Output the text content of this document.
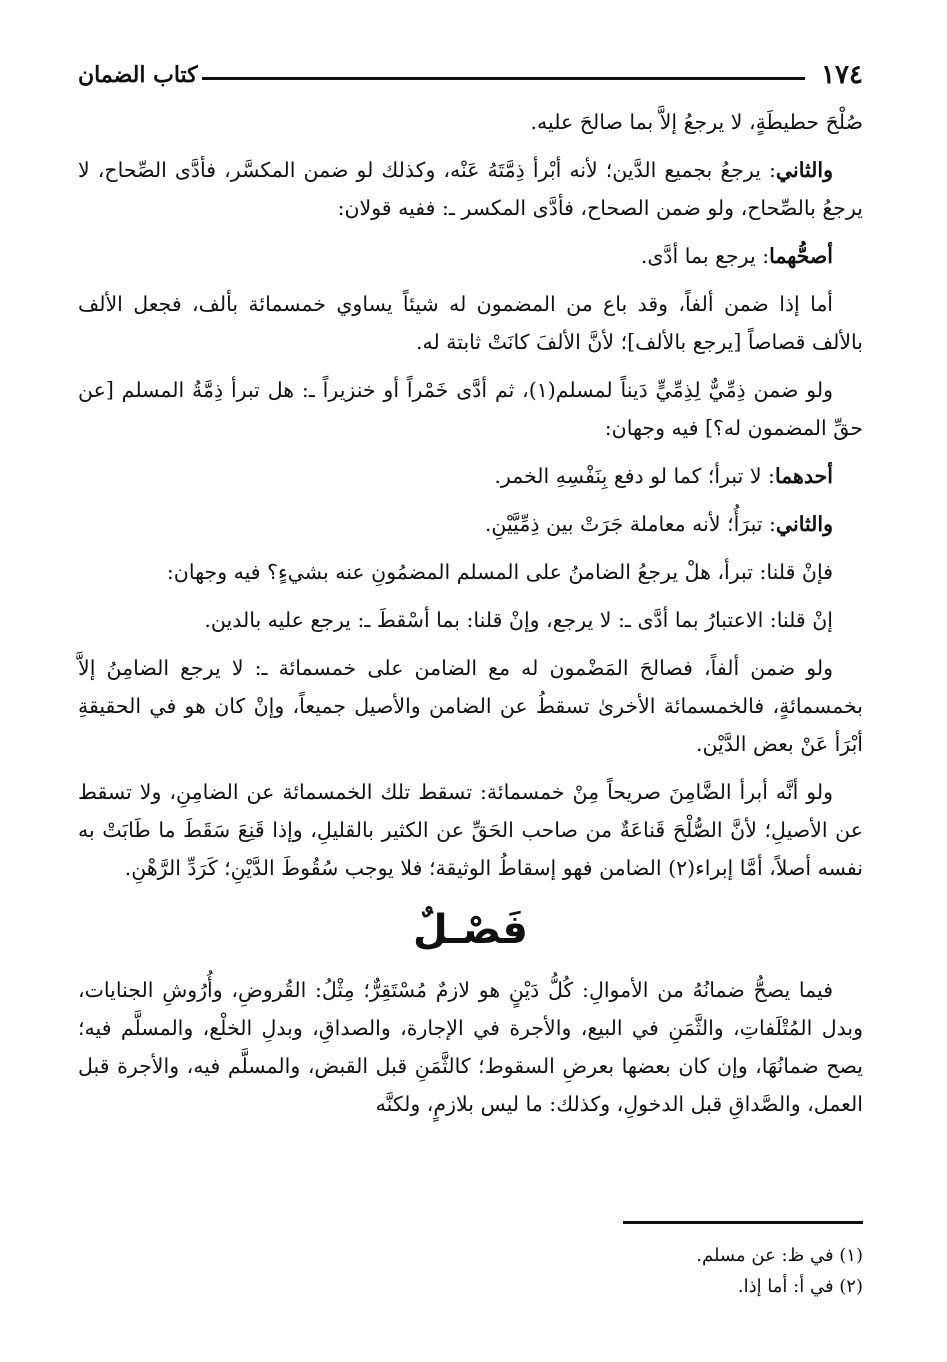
١٧٤
كتاب الضمان

صُلْحَ حطيطَةٍ، لا يرجعُ إلاَّ بما صالحَ عليه.

والثاني: يرجعُ بجميع الدَّين؛ لأنه أبْرأ ذِمَّتَهُ عَنْه، وكذلك لو ضمن المكسَّر، فأدَّى الصِّحاح، لا يرجعُ بالصِّحاح، ولو ضمن الصحاح، فأدَّى المكسر ـ: ففيه قولان:

أصحُّهما: يرجع بما أدَّى.

أما إذا ضمن ألفاً، وقد باع من المضمون له شيئاً يساوي خمسمائة بألف، فجعل الألف بالألف قصاصاً [يرجع بالألف]؛ لأنَّ الألفَ كانَتْ ثابتة له.

ولو ضمن ذِمِّيٌّ لِذِمِّيٍّ دَيناً لمسلم(١)، ثم أدَّى خَمْراً أو خنزيراً ـ: هل تبرأ ذِمَّةُ المسلم [عن حقِّ المضمون له؟] فيه وجهان:

أحدهما: لا تبرأ؛ كما لو دفع بِنَفْسِهِ الخمر.

والثاني: تبرَأُ؛ لأنه معاملة جَرَتْ بين ذِمِّيَّيْنِ.

فإنْ قلنا: تبرأ، هلْ يرجعُ الضامنُ على المسلم المضمُونِ عنه بشيءٍ؟ فيه وجهان:

إنْ قلنا: الاعتبارُ بما أدَّى ـ: لا يرجع، وإنْ قلنا: بما أسْقطَ ـ: يرجع عليه بالدين.

ولو ضمن ألفاً، فصالحَ المَضْمون له مع الضامن على خمسمائة ـ: لا يرجع الضامِنُ إلاَّ بخمسمائةٍ، فالخمسمائة الأخرىٰ تسقطُ عن الضامن والأصيل جميعاً، وإنْ كان هو في الحقيقةِ أبْرَأ عَنْ بعض الدَّيْن.

ولو أنَّه أبرأ الضَّامِنَ صريحاً مِنْ خمسمائة: تسقط تلك الخمسمائة عن الضامِنِ، ولا تسقط عن الأصيلِ؛ لأنَّ الصُّلْحَ قَناعَةٌ من صاحب الحَقِّ عن الكثير بالقليلِ، وإذا قَنِعَ سَقَطَ ما طَابَتْ به نفسه أصلاً، أمَّا إبراء(٢) الضامن فهو إسقاطُ الوثيقة؛ فلا يوجب سُقُوطَ الدَّيْنِ؛ كَرَدِّ الرَّهْنِ.

فَصْـلٌ

فيما يصحُّ ضمانُهُ من الأموالِ: كُلُّ دَيْنٍ هو لازمٌ مُسْتَقِرٌّ؛ مِثْلُ: القُروضِ، وأُرُوشِ الجنايات، وبدل المُتْلَفاتِ، والثَّمَنِ في البيع، والأجرة في الإجارة، والصداقِ، وبدلِ الخلْع، والمسلَّم فيه؛ يصح ضمانُهَا، وإن كان بعضها بعرضِ السقوط؛ كالثَّمَنِ قبل القبض، والمسلَّم فيه، والأجرة قبل العمل، والصَّداقِ قبل الدخولِ، وكذلك: ما ليس بلازمٍ، ولكنَّه

(١) في ظ: عن مسلم.
(٢) في أ: أما إذا.
